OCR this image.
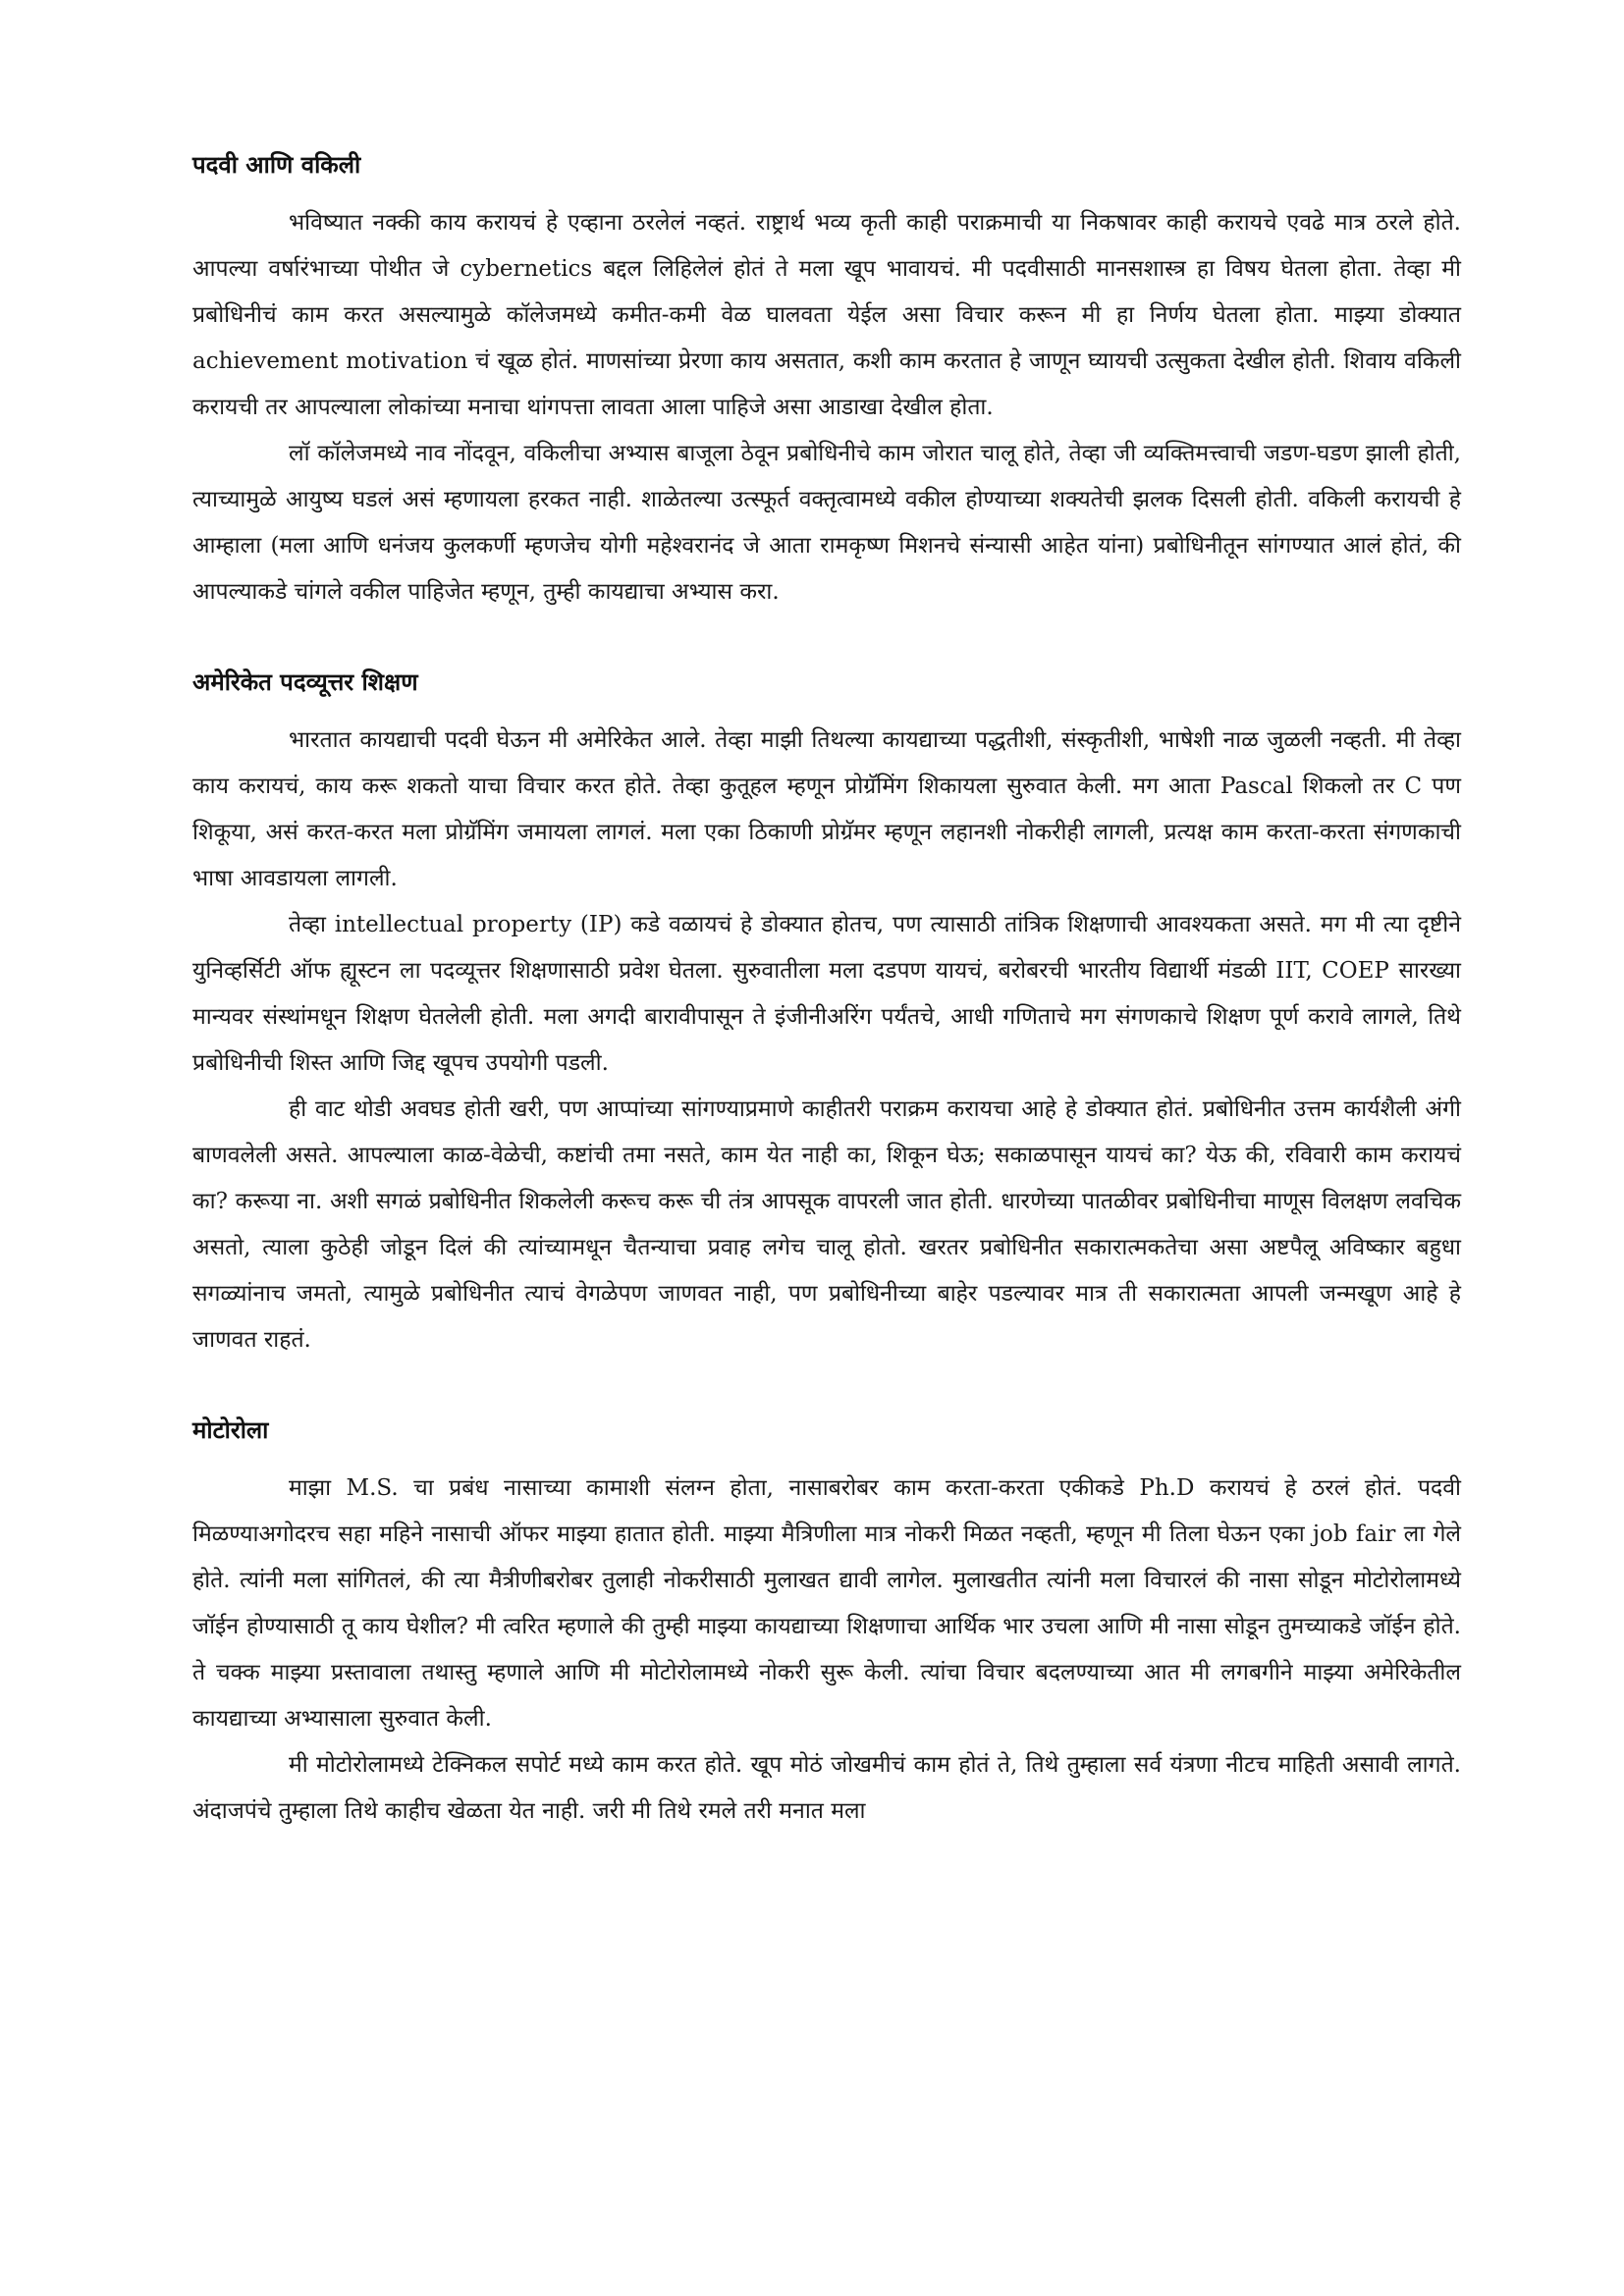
पदवी आणि वकिली

भविष्यात नक्की काय करायचं हे एव्हाना ठरलेलं नव्हतं. राष्ट्रार्थ भव्य कृती काही पराक्रमाची या निकषावर काही करायचे एवढे मात्र ठरले होते. आपल्या वर्षारंभाच्या पोथीत जे cybernetics बद्दल लिहिलेलं होतं ते मला खूप भावायचं. मी पदवीसाठी मानसशास्त्र हा विषय घेतला होता. तेव्हा मी प्रबोधिनीचं काम करत असल्यामुळे कॉलेजमध्ये कमीत-कमी वेळ घालवता येईल असा विचार करून मी हा निर्णय घेतला होता. माझ्या डोक्यात achievement motivation चं खूळ होतं. माणसांच्या प्रेरणा काय असतात, कशी काम करतात हे जाणून घ्यायची उत्सुकता देखील होती. शिवाय वकिली करायची तर आपल्याला लोकांच्या मनाचा थांगपत्ता लावता आला पाहिजे असा आडाखा देखील होता.

लॉ कॉलेजमध्ये नाव नोंदवून, वकिलीचा अभ्यास बाजूला ठेवून प्रबोधिनीचे काम जोरात चालू होते, तेव्हा जी व्यक्तिमत्त्वाची जडण-घडण झाली होती, त्याच्यामुळे आयुष्य घडलं असं म्हणायला हरकत नाही. शाळेतल्या उत्स्फूर्त वक्तृत्वामध्ये वकील होण्याच्या शक्यतेची झलक दिसली होती. वकिली करायची हे आम्हाला (मला आणि धनंजय कुलकर्णी म्हणजेच योगी महेश्वरानंद जे आता रामकृष्ण मिशनचे संन्यासी आहेत यांना) प्रबोधिनीतून सांगण्यात आलं होतं, की आपल्याकडे चांगले वकील पाहिजेत म्हणून, तुम्ही कायद्याचा अभ्यास करा.

अमेरिकेत पदव्यूत्तर शिक्षण

भारतात कायद्याची पदवी घेऊन मी अमेरिकेत आले. तेव्हा माझी तिथल्या कायद्याच्या पद्धतीशी, संस्कृतीशी, भाषेशी नाळ जुळली नव्हती. मी तेव्हा काय करायचं, काय करू शकतो याचा विचार करत होते. तेव्हा कुतूहल म्हणून प्रोग्रॅमिंग शिकायला सुरुवात केली. मग आता Pascal शिकलो तर C पण शिकूया, असं करत-करत मला प्रोग्रॅमिंग जमायला लागलं. मला एका ठिकाणी प्रोग्रॅमर म्हणून लहानशी नोकरीही लागली, प्रत्यक्ष काम करता-करता संगणकाची भाषा आवडायला लागली.

तेव्हा intellectual property (IP) कडे वळायचं हे डोक्यात होतच, पण त्यासाठी तांत्रिक शिक्षणाची आवश्यकता असते. मग मी त्या दृष्टीने युनिव्हर्सिटी ऑफ ह्यूस्टन ला पदव्यूत्तर शिक्षणासाठी प्रवेश घेतला. सुरुवातीला मला दडपण यायचं, बरोबरची भारतीय विद्यार्थी मंडळी IIT, COEP सारख्या मान्यवर संस्थांमधून शिक्षण घेतलेली होती. मला अगदी बारावीपासून ते इंजीनीअरिंग पर्यंतचे, आधी गणिताचे मग संगणकाचे शिक्षण पूर्ण करावे लागले, तिथे प्रबोधिनीची शिस्त आणि जिद्द खूपच उपयोगी पडली.

ही वाट थोडी अवघड होती खरी, पण आप्पांच्या सांगण्याप्रमाणे काहीतरी पराक्रम करायचा आहे हे डोक्यात होतं. प्रबोधिनीत उत्तम कार्यशैली अंगी बाणवलेली असते. आपल्याला काळ-वेळेची, कष्टांची तमा नसते, काम येत नाही का, शिकून घेऊ; सकाळपासून यायचं का? येऊ की, रविवारी काम करायचं का? करूया ना. अशी सगळं प्रबोधिनीत शिकलेली करूच करू ची तंत्र आपसूक वापरली जात होती. धारणेच्या पातळीवर प्रबोधिनीचा माणूस विलक्षण लवचिक असतो, त्याला कुठेही जोडून दिलं की त्यांच्यामधून चैतन्याचा प्रवाह लगेच चालू होतो. खरतर प्रबोधिनीत सकारात्मकतेचा असा अष्टपैलू अविष्कार बहुधा सगळ्यांनाच जमतो, त्यामुळे प्रबोधिनीत त्याचं वेगळेपण जाणवत नाही, पण प्रबोधिनीच्या बाहेर पडल्यावर मात्र ती सकारात्मता आपली जन्मखूण आहे हे जाणवत राहतं.

मोटोरोला

माझा M.S. चा प्रबंध नासाच्या कामाशी संलग्न होता, नासाबरोबर काम करता-करता एकीकडे Ph.D करायचं हे ठरलं होतं. पदवी मिळण्याअगोदरच सहा महिने नासाची ऑफर माझ्या हातात होती. माझ्या मैत्रिणीला मात्र नोकरी मिळत नव्हती, म्हणून मी तिला घेऊन एका job fair ला गेले होते. त्यांनी मला सांगितलं, की त्या मैत्रीणीबरोबर तुलाही नोकरीसाठी मुलाखत द्यावी लागेल. मुलाखतीत त्यांनी मला विचारलं की नासा सोडून मोटोरोलामध्ये जॉईन होण्यासाठी तू काय घेशील? मी त्वरित म्हणाले की तुम्ही माझ्या कायद्याच्या शिक्षणाचा आर्थिक भार उचला आणि मी नासा सोडून तुमच्याकडे जॉईन होते. ते चक्क माझ्या प्रस्तावाला तथास्तु म्हणाले आणि मी मोटोरोलामध्ये नोकरी सुरू केली. त्यांचा विचार बदलण्याच्या आत मी लगबगीने माझ्या अमेरिकेतील कायद्याच्या अभ्यासाला सुरुवात केली.

मी मोटोरोलामध्ये टेक्निकल सपोर्ट मध्ये काम करत होते. खूप मोठं जोखमीचं काम होतं ते, तिथे तुम्हाला सर्व यंत्रणा नीटच माहिती असावी लागते. अंदाजपंचे तुम्हाला तिथे काहीच खेळता येत नाही. जरी मी तिथे रमले तरी मनात मला
